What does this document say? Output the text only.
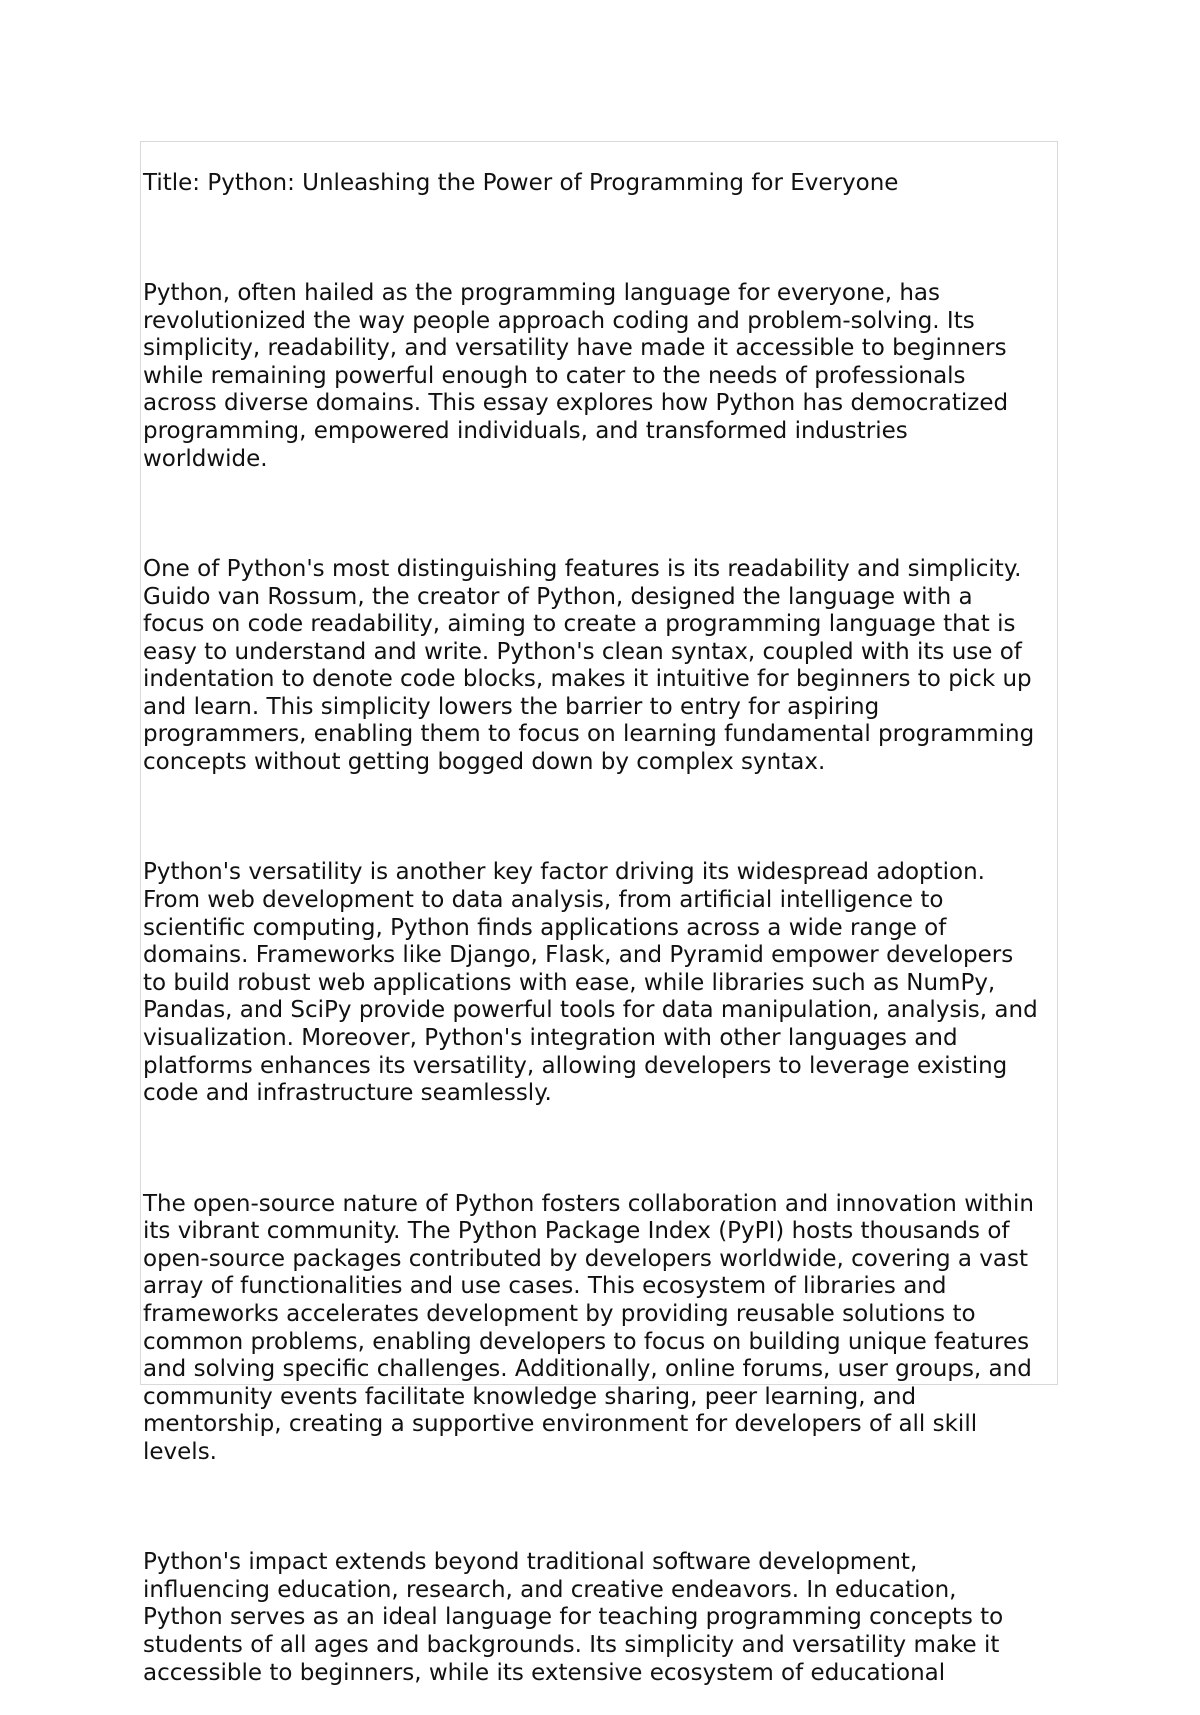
Title: Python: Unleashing the Power of Programming for Everyone

Python, often hailed as the programming language for everyone, has
revolutionized the way people approach coding and problem-solving. Its
simplicity, readability, and versatility have made it accessible to beginners
while remaining powerful enough to cater to the needs of professionals
across diverse domains. This essay explores how Python has democratized
programming, empowered individuals, and transformed industries
worldwide.

One of Python's most distinguishing features is its readability and simplicity.
Guido van Rossum, the creator of Python, designed the language with a
focus on code readability, aiming to create a programming language that is
easy to understand and write. Python's clean syntax, coupled with its use of
indentation to denote code blocks, makes it intuitive for beginners to pick up
and learn. This simplicity lowers the barrier to entry for aspiring
programmers, enabling them to focus on learning fundamental programming
concepts without getting bogged down by complex syntax.

Python's versatility is another key factor driving its widespread adoption.
From web development to data analysis, from artificial intelligence to
scientific computing, Python finds applications across a wide range of
domains. Frameworks like Django, Flask, and Pyramid empower developers
to build robust web applications with ease, while libraries such as NumPy,
Pandas, and SciPy provide powerful tools for data manipulation, analysis, and
visualization. Moreover, Python's integration with other languages and
platforms enhances its versatility, allowing developers to leverage existing
code and infrastructure seamlessly.

The open-source nature of Python fosters collaboration and innovation within
its vibrant community. The Python Package Index (PyPI) hosts thousands of
open-source packages contributed by developers worldwide, covering a vast
array of functionalities and use cases. This ecosystem of libraries and
frameworks accelerates development by providing reusable solutions to
common problems, enabling developers to focus on building unique features
and solving specific challenges. Additionally, online forums, user groups, and
community events facilitate knowledge sharing, peer learning, and
mentorship, creating a supportive environment for developers of all skill
levels.

Python's impact extends beyond traditional software development,
influencing education, research, and creative endeavors. In education,
Python serves as an ideal language for teaching programming concepts to
students of all ages and backgrounds. Its simplicity and versatility make it
accessible to beginners, while its extensive ecosystem of educational
